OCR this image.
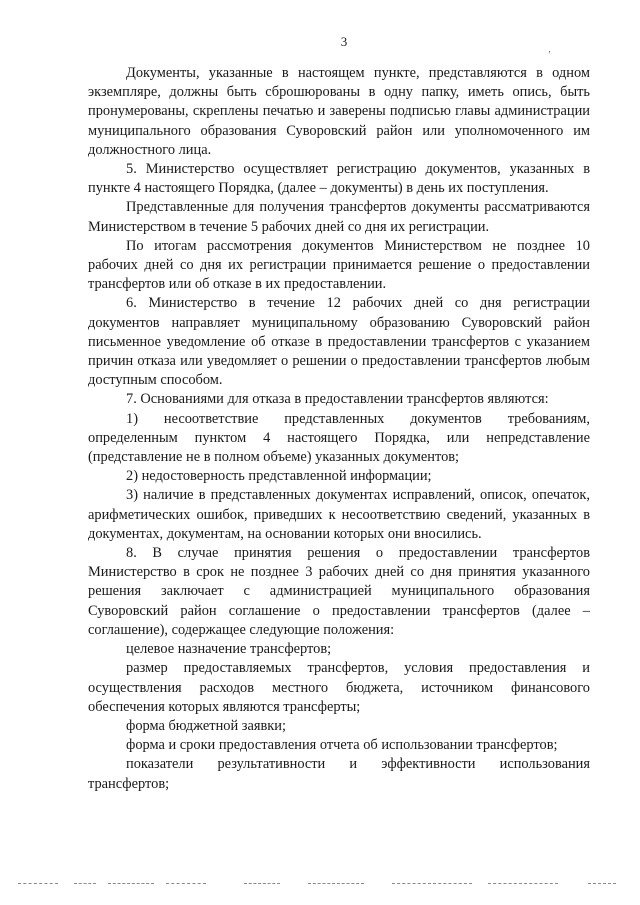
3	‚

Документы, указанные в настоящем пункте, представляются в одном экземпляре, должны быть сброшюрованы в одну папку, иметь опись, быть пронумерованы, скреплены печатью и заверены подписью главы администрации муниципального образования Суворовский район или уполномоченного им должностного лица.

5. Министерство осуществляет регистрацию документов, указанных в пункте 4 настоящего Порядка, (далее – документы) в день их поступления.

Представленные для получения трансфертов документы рассматриваются Министерством в течение 5 рабочих дней со дня их регистрации.

По итогам рассмотрения документов Министерством не позднее 10 рабочих дней со дня их регистрации принимается решение о предоставлении трансфертов или об отказе в их предоставлении.

6. Министерство в течение 12 рабочих дней со дня регистрации документов направляет муниципальному образованию Суворовский район письменное уведомление об отказе в предоставлении трансфертов с указанием причин отказа или уведомляет о решении о предоставлении трансфертов любым доступным способом.

7. Основаниями для отказа в предоставлении трансфертов являются:

1) несоответствие представленных документов требованиям, определенным пунктом 4 настоящего Порядка, или непредставление (представление не в полном объеме) указанных документов;

2) недостоверность представленной информации;

3) наличие в представленных документах исправлений, описок, опечаток, арифметических ошибок, приведших к несоответствию сведений, указанных в документах, документам, на основании которых они вносились.

8. В случае принятия решения о предоставлении трансфертов Министерство в срок не позднее 3 рабочих дней со дня принятия указанного решения заключает с администрацией муниципального образования Суворовский район соглашение о предоставлении трансфертов (далее – соглашение), содержащее следующие положения:

целевое назначение трансфертов;

размер предоставляемых трансфертов, условия предоставления и осуществления расходов местного бюджета, источником финансового обеспечения которых являются трансферты;

форма бюджетной заявки;

форма и сроки предоставления отчета об использовании трансфертов;

показатели результативности и эффективности использования трансфертов;
